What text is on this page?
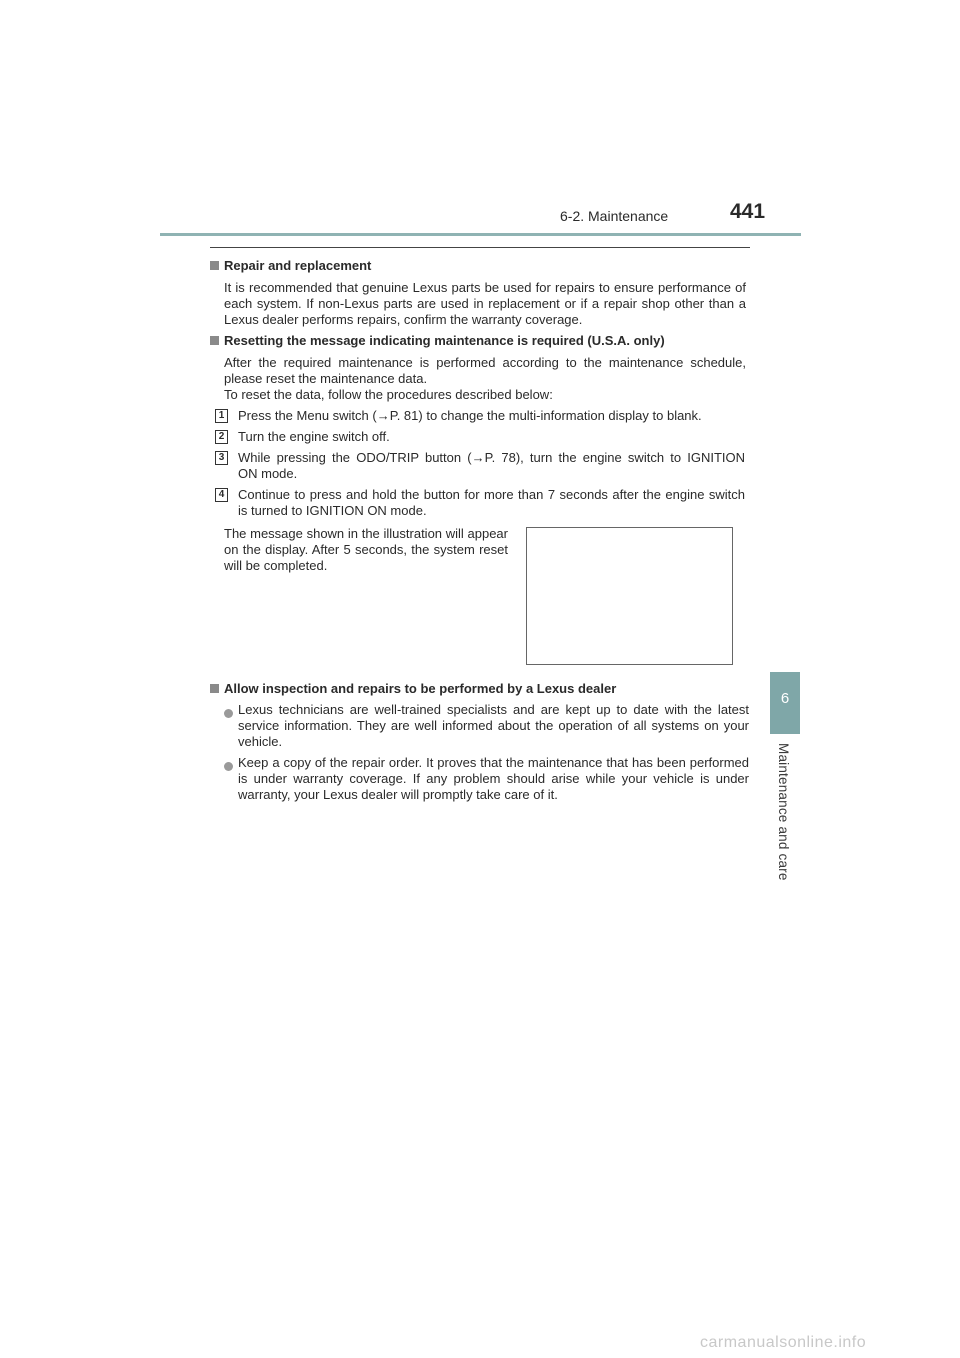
6-2. Maintenance	441
6
Maintenance and care
Repair and replacement
It is recommended that genuine Lexus parts be used for repairs to ensure performance of each system. If non-Lexus parts are used in replacement or if a repair shop other than a Lexus dealer performs repairs, confirm the warranty coverage.
Resetting the message indicating maintenance is required (U.S.A. only)
After the required maintenance is performed according to the maintenance schedule,
please reset the maintenance data.
To reset the data, follow the procedures described below:
1 Press the Menu switch (→P. 81) to change the multi-information display to blank.
2 Turn the engine switch off.
3 While pressing the ODO/TRIP button (→P. 78), turn the engine switch to IGNITION
ON mode.
4 Continue to press and hold the button for more than 7 seconds after the engine switch
is turned to IGNITION ON mode.
The message shown in the illustration will appear on the display. After 5 seconds, the system reset will be completed.
Allow inspection and repairs to be performed by a Lexus dealer
Lexus technicians are well-trained specialists and are kept up to date with the latest service information. They are well informed about the operation of all systems on your vehicle.
Keep a copy of the repair order. It proves that the maintenance that has been performed is under warranty coverage. If any problem should arise while your vehicle is under warranty, your Lexus dealer will promptly take care of it.
carmanualsonline.info
